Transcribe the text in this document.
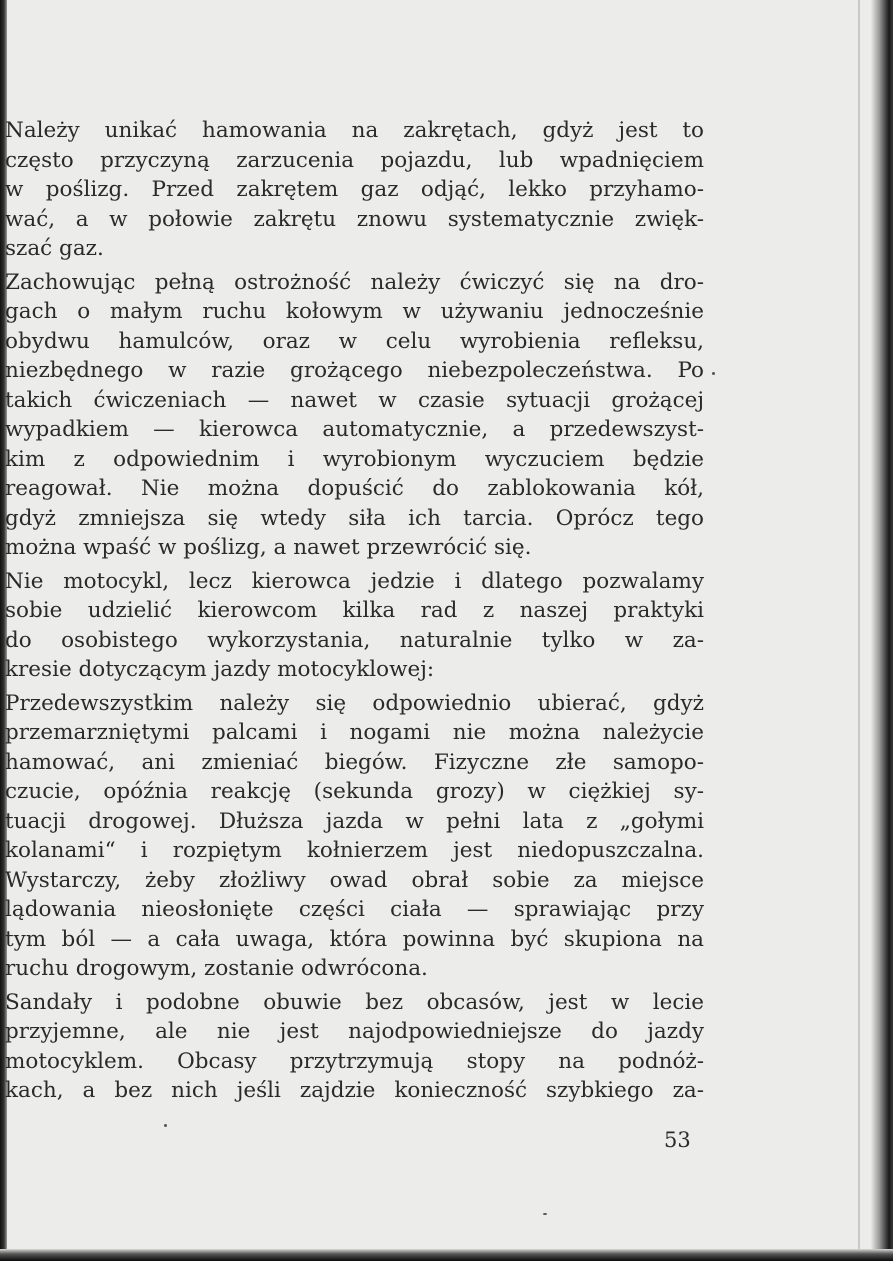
Należy unikać hamowania na zakrętach, gdyż jest to
często przyczyną zarzucenia pojazdu, lub wpadnięciem
w poślizg. Przed zakrętem gaz odjąć, lekko przyhamo-
wać, a w połowie zakrętu znowu systematycznie zwięk-
szać gaz.
Zachowując pełną ostrożność należy ćwiczyć się na dro-
gach o małym ruchu kołowym w używaniu jednocześnie
obydwu hamulców, oraz w celu wyrobienia refleksu,
niezbędnego w razie grożącego niebezpoleczeństwa. Po
takich ćwiczeniach — nawet w czasie sytuacji grożącej
wypadkiem — kierowca automatycznie, a przedewszyst-
kim z odpowiednim i wyrobionym wyczuciem będzie
reagował. Nie można dopuścić do zablokowania kół,
gdyż zmniejsza się wtedy siła ich tarcia. Oprócz tego
można wpaść w poślizg, a nawet przewrócić się.
Nie motocykl, lecz kierowca jedzie i dlatego pozwalamy
sobie udzielić kierowcom kilka rad z naszej praktyki
do osobistego wykorzystania, naturalnie tylko w za-
kresie dotyczącym jazdy motocyklowej:
Przedewszystkim należy się odpowiednio ubierać, gdyż
przemarzniętymi palcami i nogami nie można należycie
hamować, ani zmieniać biegów. Fizyczne złe samopo-
czucie, opóźnia reakcję (sekunda grozy) w ciężkiej sy-
tuacji drogowej. Dłuższa jazda w pełni lata z „gołymi
kolanami“ i rozpiętym kołnierzem jest niedopuszczalna.
Wystarczy, żeby złożliwy owad obrał sobie za miejsce
lądowania nieosłonięte części ciała — sprawiając przy
tym ból — a cała uwaga, która powinna być skupiona na
ruchu drogowym, zostanie odwrócona.
Sandały i podobne obuwie bez obcasów, jest w lecie
przyjemne, ale nie jest najodpowiedniejsze do jazdy
motocyklem. Obcasy przytrzymują stopy na podnóż-
kach, a bez nich jeśli zajdzie konieczność szybkiego za-
53
